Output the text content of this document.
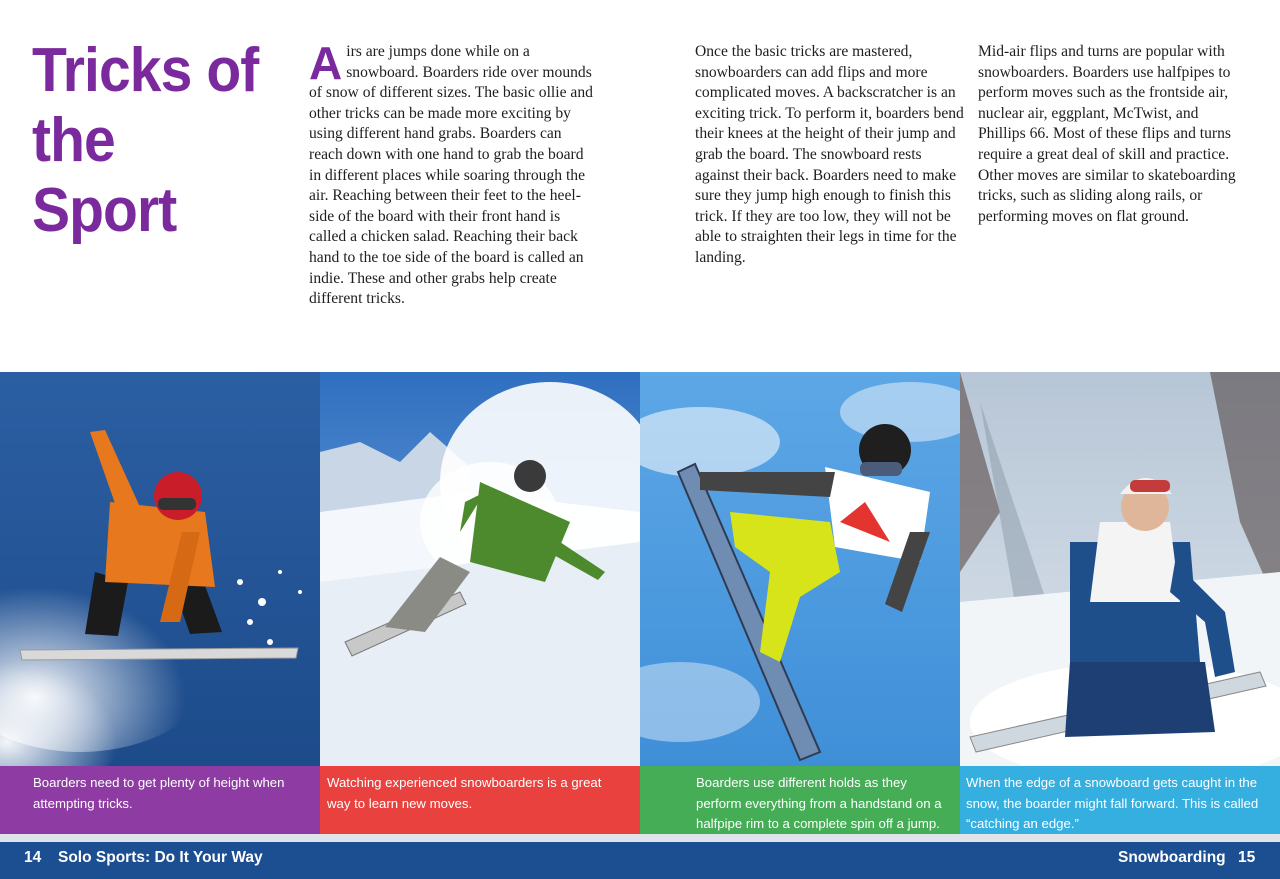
Tricks of the Sport

Airs are jumps done while on a snowboard. Boarders ride over mounds of snow of different sizes. The basic ollie and other tricks can be made more exciting by using different hand grabs. Boarders can reach down with one hand to grab the board in different places while soaring through the air. Reaching between their feet to the heel-side of the board with their front hand is called a chicken salad. Reaching their back hand to the toe side of the board is called an indie. These and other grabs help create different tricks.

Once the basic tricks are mastered, snowboarders can add flips and more complicated moves. A backscratcher is an exciting trick. To perform it, boarders bend their knees at the height of their jump and grab the board. The snowboard rests against their back. Boarders need to make sure they jump high enough to finish this trick. If they are too low, they will not be able to straighten their legs in time for the landing.

Mid-air flips and turns are popular with snowboarders. Boarders use halfpipes to perform moves such as the frontside air, nuclear air, eggplant, McTwist, and Phillips 66. Most of these flips and turns require a great deal of skill and practice. Other moves are similar to skateboarding tricks, such as sliding along rails, or performing moves on flat ground.

Boarders need to get plenty of height when attempting tricks.
Watching experienced snowboarders is a great way to learn new moves.
Boarders use different holds as they perform everything from a handstand on a halfpipe rim to a complete spin off a jump.
When the edge of a snowboard gets caught in the snow, the boarder might fall forward. This is called “catching an edge.”
14 Solo Sports: Do It Your Way	Snowboarding 15
